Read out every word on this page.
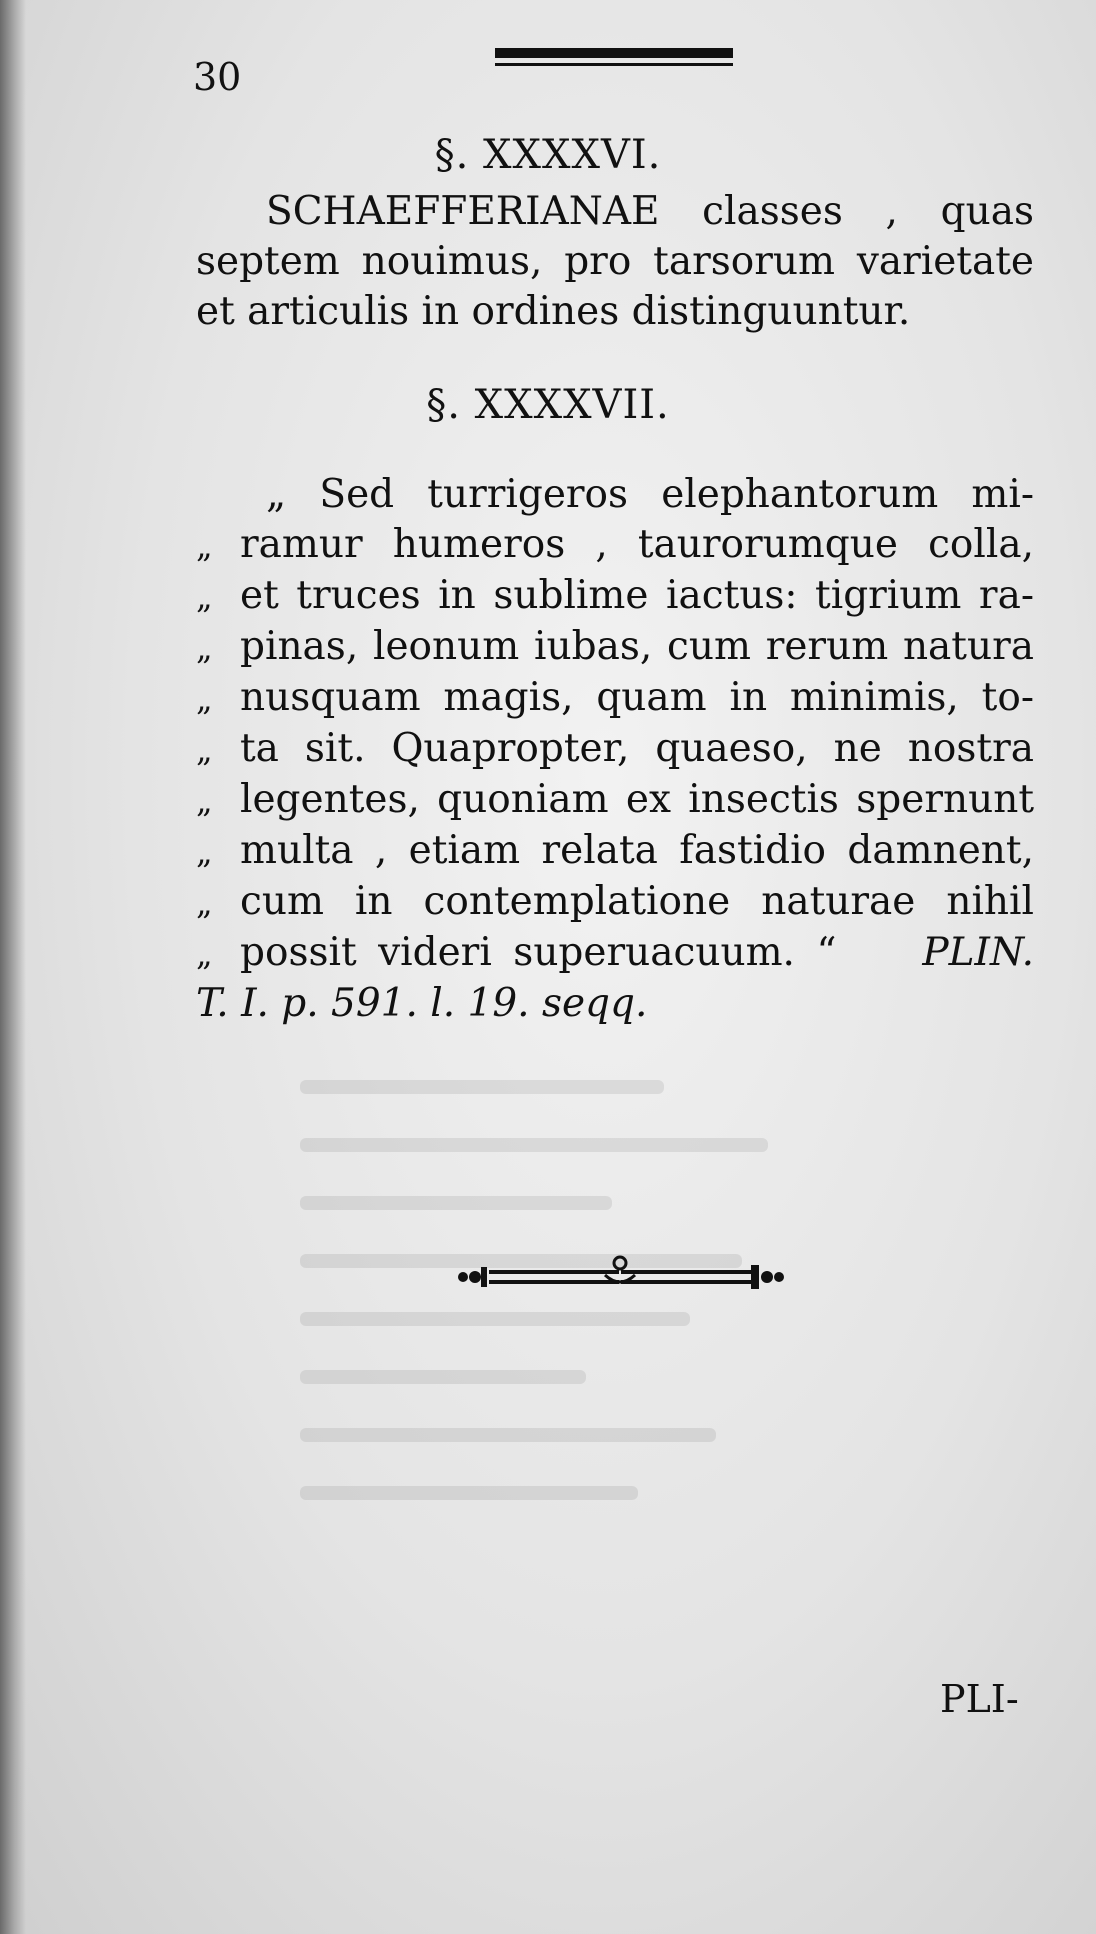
30
§. XXXXVI.
SCHAEFFERIANAE classes , quas
septem nouimus, pro tarsorum varietate
et articulis in ordines distinguuntur.
§. XXXXVII.
„ Sed turrigeros elephantorum mi-
„ ramur humeros , taurorumque colla,
„ et truces in sublime iactus: tigrium ra-
„ pinas, leonum iubas, cum rerum natura
„ nusquam magis, quam in minimis, to-
„ ta sit. Quapropter, quaeso, ne nostra
„ legentes, quoniam ex insectis spernunt
„ multa , etiam relata fastidio damnent,
„ cum in contemplatione naturae nihil
„ possit videri superuacuum. “ PLIN.
T. I. p. 591. l. 19. seqq.
PLI-
